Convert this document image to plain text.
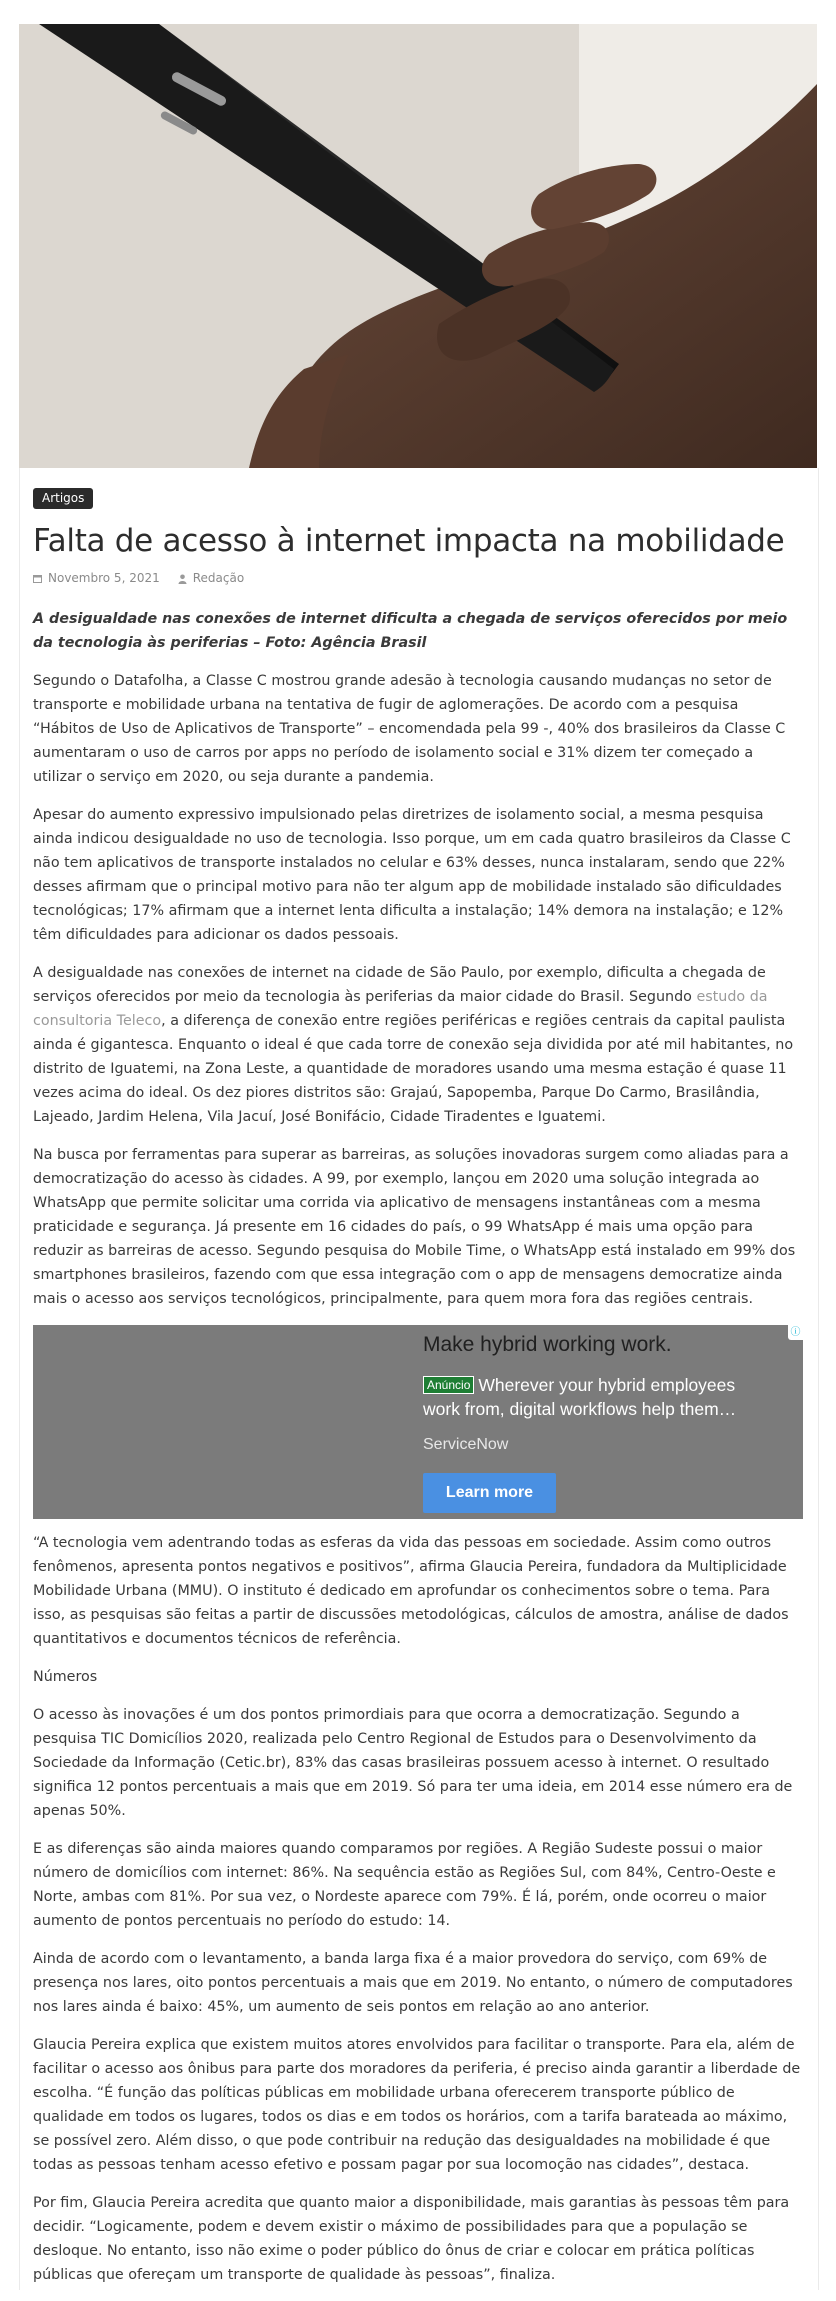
Artigos
Falta de acesso à internet impacta na mobilidade
Novembro 5, 2021	Redação

A desigualdade nas conexões de internet dificulta a chegada de serviços oferecidos por meio da tecnologia às periferias – Foto: Agência Brasil

Segundo o Datafolha, a Classe C mostrou grande adesão à tecnologia causando mudanças no setor de transporte e mobilidade urbana na tentativa de fugir de aglomerações. De acordo com a pesquisa “Hábitos de Uso de Aplicativos de Transporte” – encomendada pela 99 -, 40% dos brasileiros da Classe C aumentaram o uso de carros por apps no período de isolamento social e 31% dizem ter começado a utilizar o serviço em 2020, ou seja durante a pandemia.

Apesar do aumento expressivo impulsionado pelas diretrizes de isolamento social, a mesma pesquisa ainda indicou desigualdade no uso de tecnologia. Isso porque, um em cada quatro brasileiros da Classe C não tem aplicativos de transporte instalados no celular e 63% desses, nunca instalaram, sendo que 22% desses afirmam que o principal motivo para não ter algum app de mobilidade instalado são dificuldades tecnológicas; 17% afirmam que a internet lenta dificulta a instalação; 14% demora na instalação; e 12% têm dificuldades para adicionar os dados pessoais.

A desigualdade nas conexões de internet na cidade de São Paulo, por exemplo, dificulta a chegada de serviços oferecidos por meio da tecnologia às periferias da maior cidade do Brasil. Segundo estudo da consultoria Teleco, a diferença de conexão entre regiões periféricas e regiões centrais da capital paulista ainda é gigantesca. Enquanto o ideal é que cada torre de conexão seja dividida por até mil habitantes, no distrito de Iguatemi, na Zona Leste, a quantidade de moradores usando uma mesma estação é quase 11 vezes acima do ideal. Os dez piores distritos são: Grajaú, Sapopemba, Parque Do Carmo, Brasilândia, Lajeado, Jardim Helena, Vila Jacuí, José Bonifácio, Cidade Tiradentes e Iguatemi.

Na busca por ferramentas para superar as barreiras, as soluções inovadoras surgem como aliadas para a democratização do acesso às cidades. A 99, por exemplo, lançou em 2020 uma solução integrada ao WhatsApp que permite solicitar uma corrida via aplicativo de mensagens instantâneas com a mesma praticidade e segurança. Já presente em 16 cidades do país, o 99 WhatsApp é mais uma opção para reduzir as barreiras de acesso. Segundo pesquisa do Mobile Time, o WhatsApp está instalado em 99% dos smartphones brasileiros, fazendo com que essa integração com o app de mensagens democratize ainda mais o acesso aos serviços tecnológicos, principalmente, para quem mora fora das regiões centrais.

ⓘ
Make hybrid working work.
Anúncio Wherever your hybrid employees work from, digital workflows help them…
ServiceNow
Learn more

“A tecnologia vem adentrando todas as esferas da vida das pessoas em sociedade. Assim como outros fenômenos, apresenta pontos negativos e positivos”, afirma Glaucia Pereira, fundadora da Multiplicidade Mobilidade Urbana (MMU). O instituto é dedicado em aprofundar os conhecimentos sobre o tema. Para isso, as pesquisas são feitas a partir de discussões metodológicas, cálculos de amostra, análise de dados quantitativos e documentos técnicos de referência.

Números

O acesso às inovações é um dos pontos primordiais para que ocorra a democratização. Segundo a pesquisa TIC Domicílios 2020, realizada pelo Centro Regional de Estudos para o Desenvolvimento da Sociedade da Informação (Cetic.br), 83% das casas brasileiras possuem acesso à internet. O resultado significa 12 pontos percentuais a mais que em 2019. Só para ter uma ideia, em 2014 esse número era de apenas 50%.

E as diferenças são ainda maiores quando comparamos por regiões. A Região Sudeste possui o maior número de domicílios com internet: 86%. Na sequência estão as Regiões Sul, com 84%, Centro-Oeste e Norte, ambas com 81%. Por sua vez, o Nordeste aparece com 79%. É lá, porém, onde ocorreu o maior aumento de pontos percentuais no período do estudo: 14.

Ainda de acordo com o levantamento, a banda larga fixa é a maior provedora do serviço, com 69% de presença nos lares, oito pontos percentuais a mais que em 2019. No entanto, o número de computadores nos lares ainda é baixo: 45%, um aumento de seis pontos em relação ao ano anterior.

Glaucia Pereira explica que existem muitos atores envolvidos para facilitar o transporte. Para ela, além de facilitar o acesso aos ônibus para parte dos moradores da periferia, é preciso ainda garantir a liberdade de escolha. “É função das políticas públicas em mobilidade urbana oferecerem transporte público de qualidade em todos os lugares, todos os dias e em todos os horários, com a tarifa barateada ao máximo, se possível zero. Além disso, o que pode contribuir na redução das desigualdades na mobilidade é que todas as pessoas tenham acesso efetivo e possam pagar por sua locomoção nas cidades”, destaca.

Por fim, Glaucia Pereira acredita que quanto maior a disponibilidade, mais garantias às pessoas têm para decidir. “Logicamente, podem e devem existir o máximo de possibilidades para que a população se desloque. No entanto, isso não exime o poder público do ônus de criar e colocar em prática políticas públicas que ofereçam um transporte de qualidade às pessoas”, finaliza.
